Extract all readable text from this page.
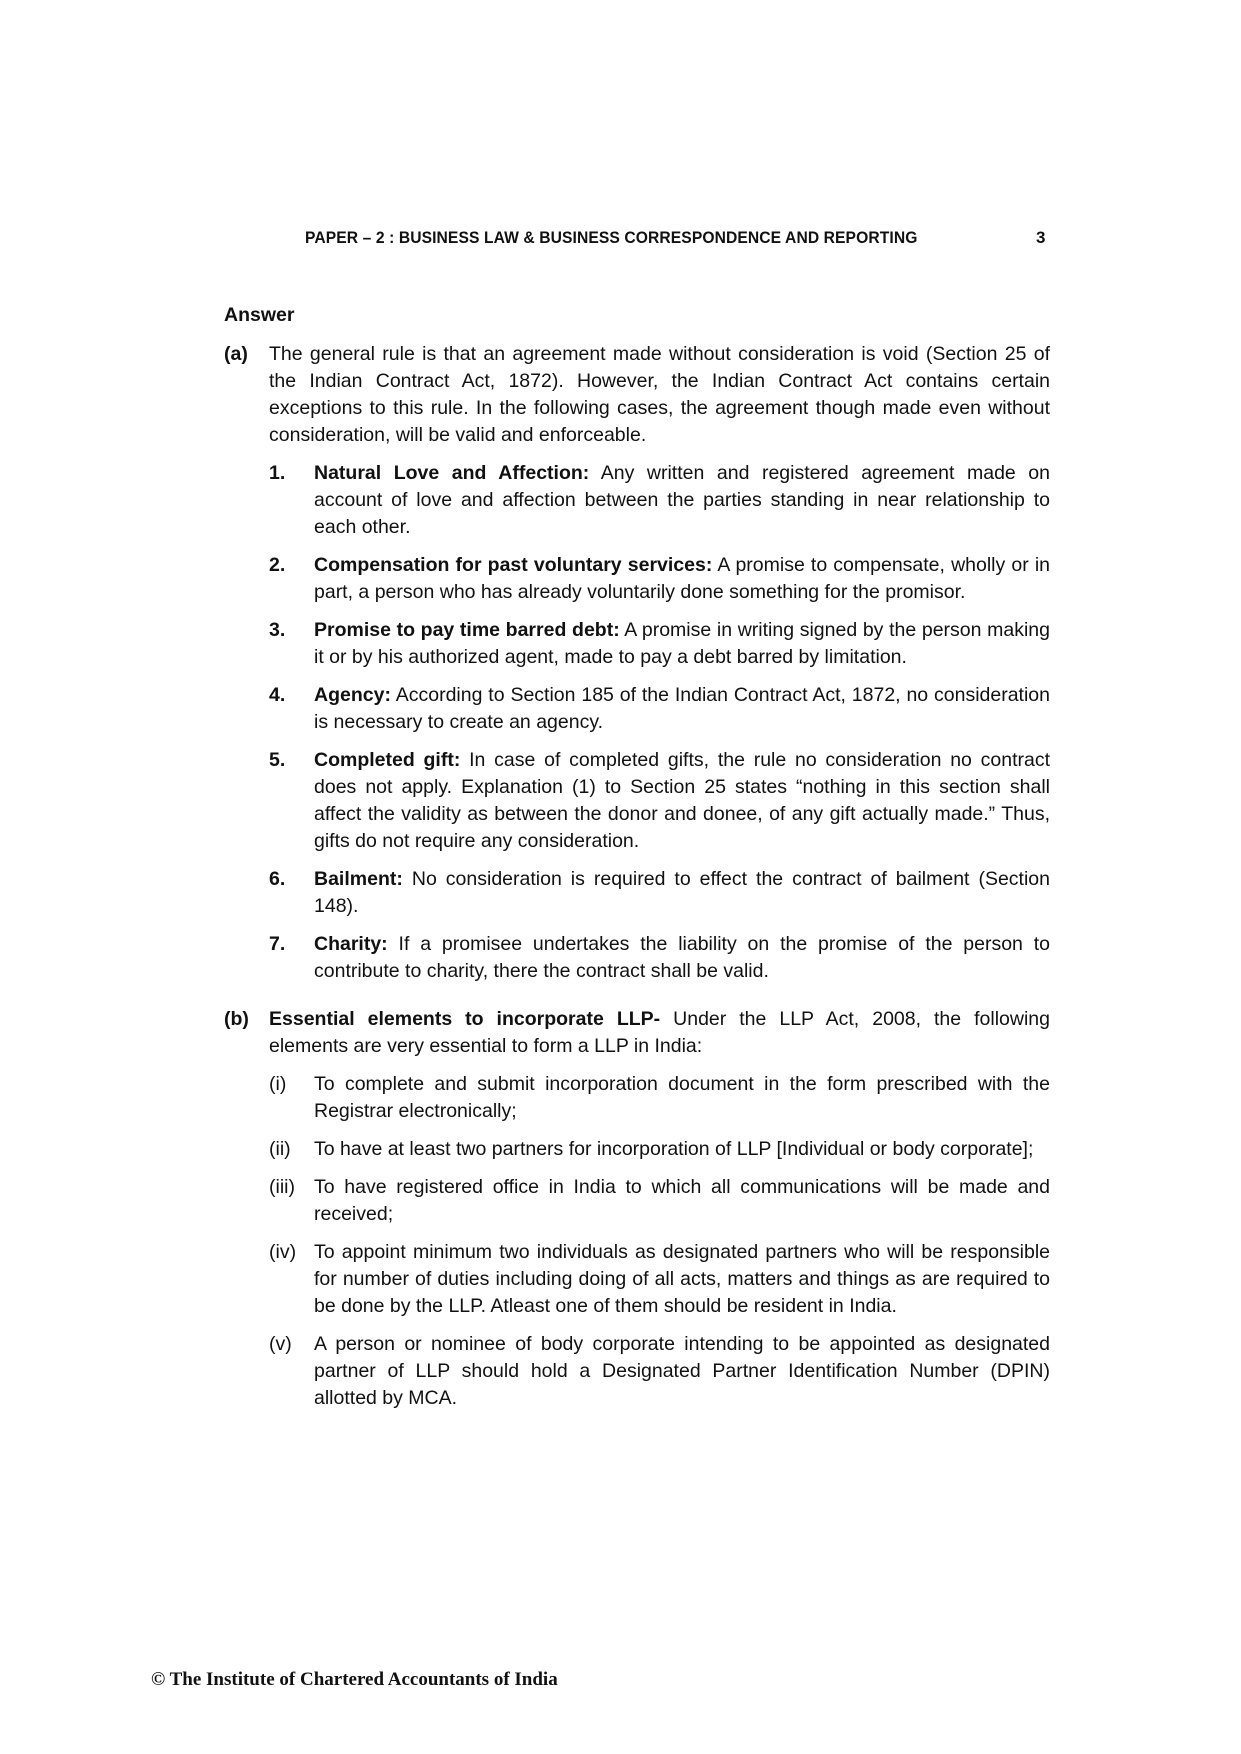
PAPER – 2 : BUSINESS LAW & BUSINESS CORRESPONDENCE AND REPORTING	3
Answer
(a)	The general rule is that an agreement made without consideration is void (Section 25 of the Indian Contract Act, 1872). However, the Indian Contract Act contains certain exceptions to this rule. In the following cases, the agreement though made even without consideration, will be valid and enforceable.

1.	Natural Love and Affection: Any written and registered agreement made on account of love and affection between the parties standing in near relationship to each other.
2.	Compensation for past voluntary services: A promise to compensate, wholly or in part, a person who has already voluntarily done something for the promisor.
3.	Promise to pay time barred debt: A promise in writing signed by the person making it or by his authorized agent, made to pay a debt barred by limitation.
4.	Agency: According to Section 185 of the Indian Contract Act, 1872, no consideration is necessary to create an agency.
5.	Completed gift: In case of completed gifts, the rule no consideration no contract does not apply. Explanation (1) to Section 25 states “nothing in this section shall affect the validity as between the donor and donee, of any gift actually made.” Thus, gifts do not require any consideration.
6.	Bailment: No consideration is required to effect the contract of bailment (Section 148).
7.	Charity: If a promisee undertakes the liability on the promise of the person to contribute to charity, there the contract shall be valid.
(b)	Essential elements to incorporate LLP- Under the LLP Act, 2008, the following elements are very essential to form a LLP in India:

(i)	To complete and submit incorporation document in the form prescribed with the Registrar electronically;
(ii)	To have at least two partners for incorporation of LLP [Individual or body corporate];
(iii) To have registered office in India to which all communications will be made and received;
(iv) To appoint minimum two individuals as designated partners who will be responsible for number of duties including doing of all acts, matters and things as are required to be done by the LLP. Atleast one of them should be resident in India.
(v)	A person or nominee of body corporate intending to be appointed as designated partner of LLP should hold a Designated Partner Identification Number (DPIN) allotted by MCA.
© The Institute of Chartered Accountants of India
